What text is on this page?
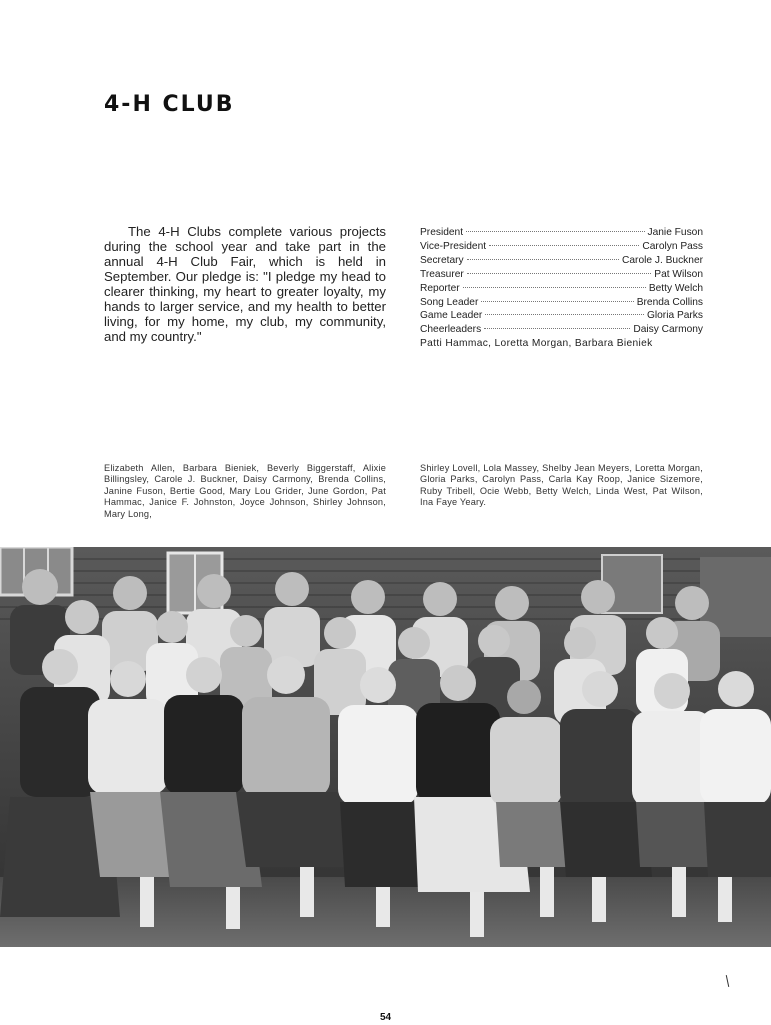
4-H CLUB

The 4-H Clubs complete various projects during the school year and take part in the annual 4-H Club Fair, which is held in September. Our pledge is: "I pledge my head to clearer thinking, my heart to greater loyalty, my hands to larger service, and my health to better living, for my home, my club, my community, and my country."

President	Janie Fuson
Vice-President	Carolyn Pass
Secretary	Carole J. Buckner
Treasurer	Pat Wilson
Reporter	Betty Welch
Song Leader	Brenda Collins
Game Leader	Gloria Parks
Cheerleaders	Daisy Carmony
Patti Hammac, Loretta Morgan, Barbara Bieniek

Elizabeth Allen, Barbara Bieniek, Beverly Biggerstaff, Alixie Billingsley, Carole J. Buckner, Daisy Carmony, Brenda Collins, Janine Fuson, Bertie Good, Mary Lou Grider, June Gordon, Pat Hammac, Janice F. Johnston, Joyce Johnson, Shirley Johnson, Mary Long,

Shirley Lovell, Lola Massey, Shelby Jean Meyers, Loretta Morgan, Gloria Parks, Carolyn Pass, Carla Kay Roop, Janice Sizemore, Ruby Tribell, Ocie Webb, Betty Welch, Linda West, Pat Wilson, Ina Faye Yeary.

54
